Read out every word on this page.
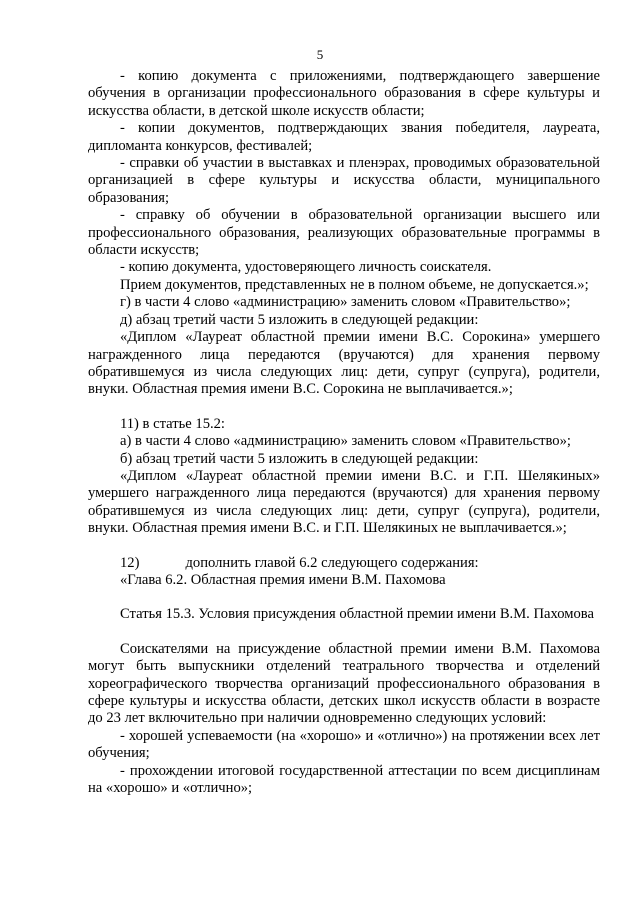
5

- копию документа с приложениями, подтверждающего завершение обучения в организации профессионального образования в сфере культуры и искусства области, в детской школе искусств области;

- копии документов, подтверждающих звания победителя, лауреата, дипломанта конкурсов, фестивалей;

- справки об участии в выставках и пленэрах, проводимых образовательной организацией в сфере культуры и искусства области, муниципального образования;

- справку об обучении в образовательной организации высшего или профессионального образования, реализующих образовательные программы в области искусств;

- копию документа, удостоверяющего личность соискателя.

Прием документов, представленных не в полном объеме, не допускается.»;

г) в части 4 слово «администрацию» заменить словом «Правительство»;

д) абзац третий части 5 изложить в следующей редакции:

«Диплом «Лауреат областной премии имени В.С. Сорокина» умершего награжденного лица передаются (вручаются) для хранения первому обратившемуся из числа следующих лиц: дети, супруг (супруга), родители, внуки. Областная премия имени В.С. Сорокина не выплачивается.»;

11) в статье 15.2:

а) в части 4 слово «администрацию» заменить словом «Правительство»;

б) абзац третий части 5 изложить в следующей редакции:

«Диплом «Лауреат областной премии имени В.С. и Г.П. Шелякиных» умершего награжденного лица передаются (вручаются) для хранения первому обратившемуся из числа следующих лиц: дети, супруг (супруга), родители, внуки. Областная премия имени В.С. и Г.П. Шелякиных не выплачивается.»;

12)	дополнить главой 6.2 следующего содержания:

«Глава 6.2. Областная премия имени В.М. Пахомова

Статья 15.3. Условия присуждения областной премии имени В.М. Пахомова

Соискателями на присуждение областной премии имени В.М. Пахомова могут быть выпускники отделений театрального творчества и отделений хореографического творчества организаций профессионального образования в сфере культуры и искусства области, детских школ искусств области в возрасте до 23 лет включительно при наличии одновременно следующих условий:

- хорошей успеваемости (на «хорошо» и «отлично») на протяжении всех лет обучения;

- прохождении итоговой государственной аттестации по всем дисциплинам на «хорошо» и «отлично»;
